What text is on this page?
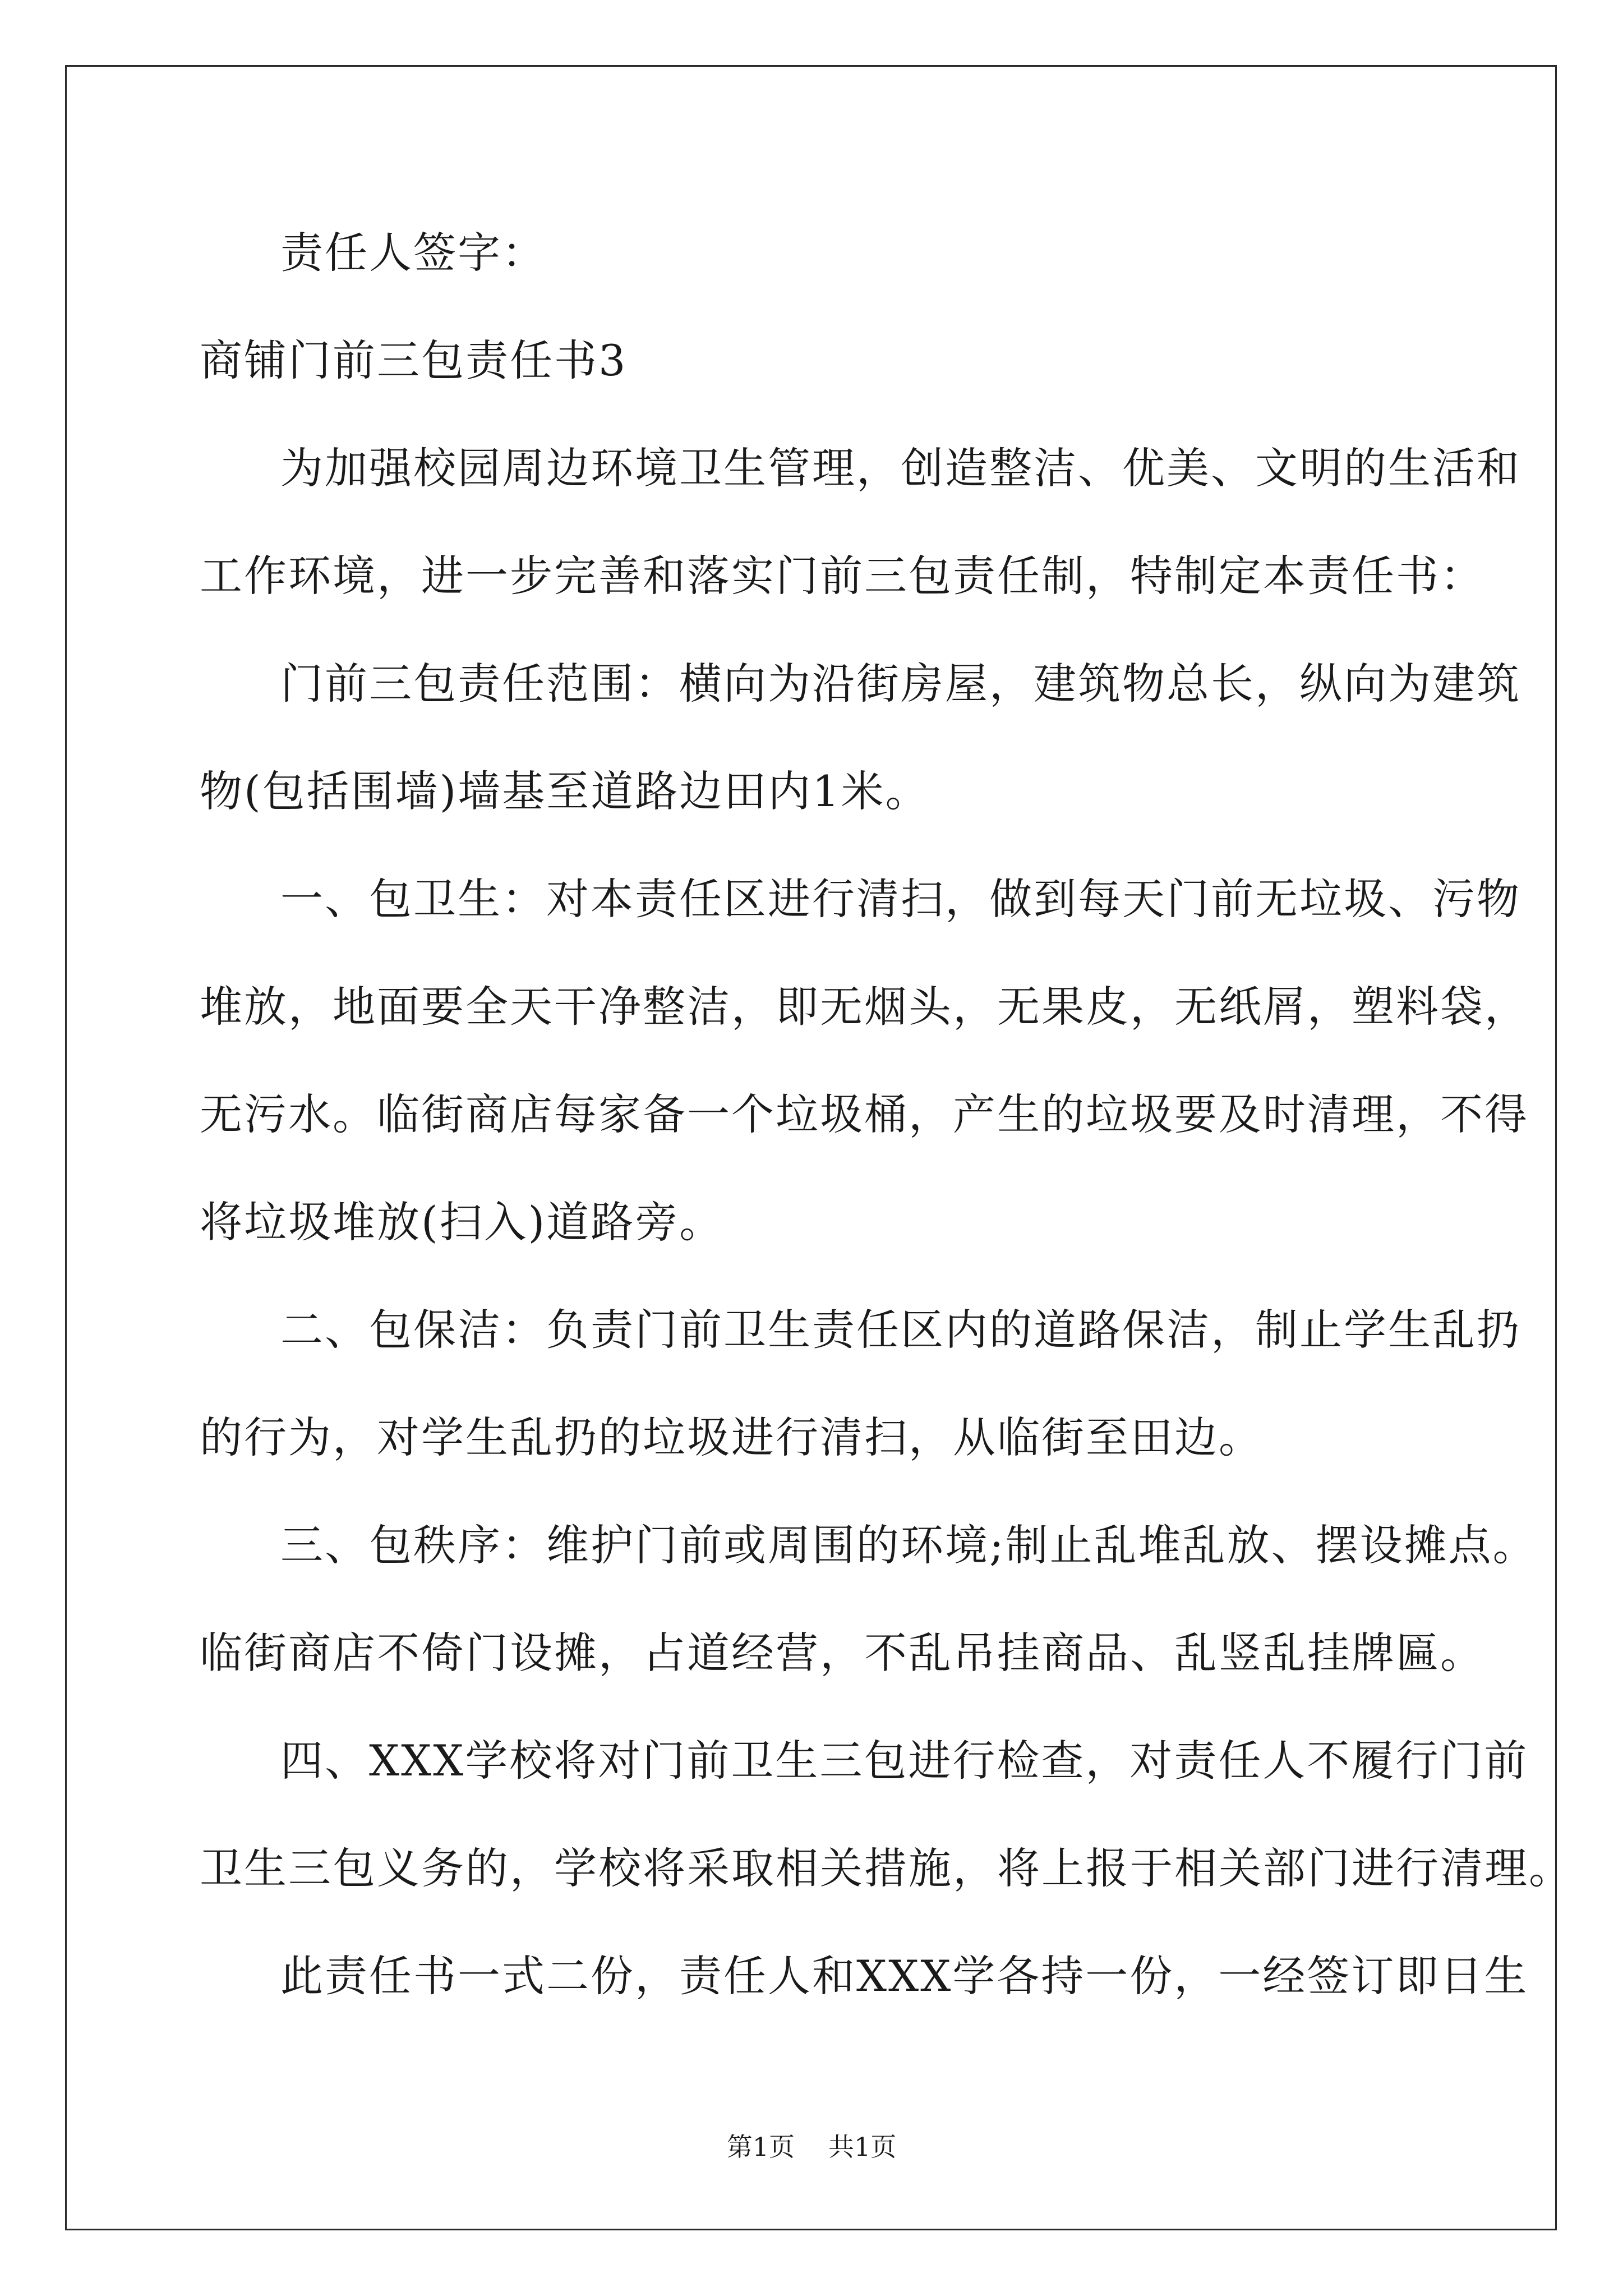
责任人签字：
商铺门前三包责任书3
为加强校园周边环境卫生管理，创造整洁、优美、文明的生活和
工作环境，进一步完善和落实门前三包责任制，特制定本责任书：
门前三包责任范围：横向为沿街房屋，建筑物总长，纵向为建筑
物(包括围墙)墙基至道路边田内1米。
一、包卫生：对本责任区进行清扫，做到每天门前无垃圾、污物
堆放，地面要全天干净整洁，即无烟头，无果皮，无纸屑，塑料袋，
无污水。临街商店每家备一个垃圾桶，产生的垃圾要及时清理，不得
将垃圾堆放(扫入)道路旁。
二、包保洁：负责门前卫生责任区内的道路保洁，制止学生乱扔
的行为，对学生乱扔的垃圾进行清扫，从临街至田边。
三、包秩序：维护门前或周围的环境;制止乱堆乱放、摆设摊点。
临街商店不倚门设摊，占道经营，不乱吊挂商品、乱竖乱挂牌匾。
四、XXX学校将对门前卫生三包进行检查，对责任人不履行门前
卫生三包义务的，学校将采取相关措施，将上报于相关部门进行清理。
此责任书一式二份，责任人和XXX学各持一份，一经签订即日生
第1页 共1页
